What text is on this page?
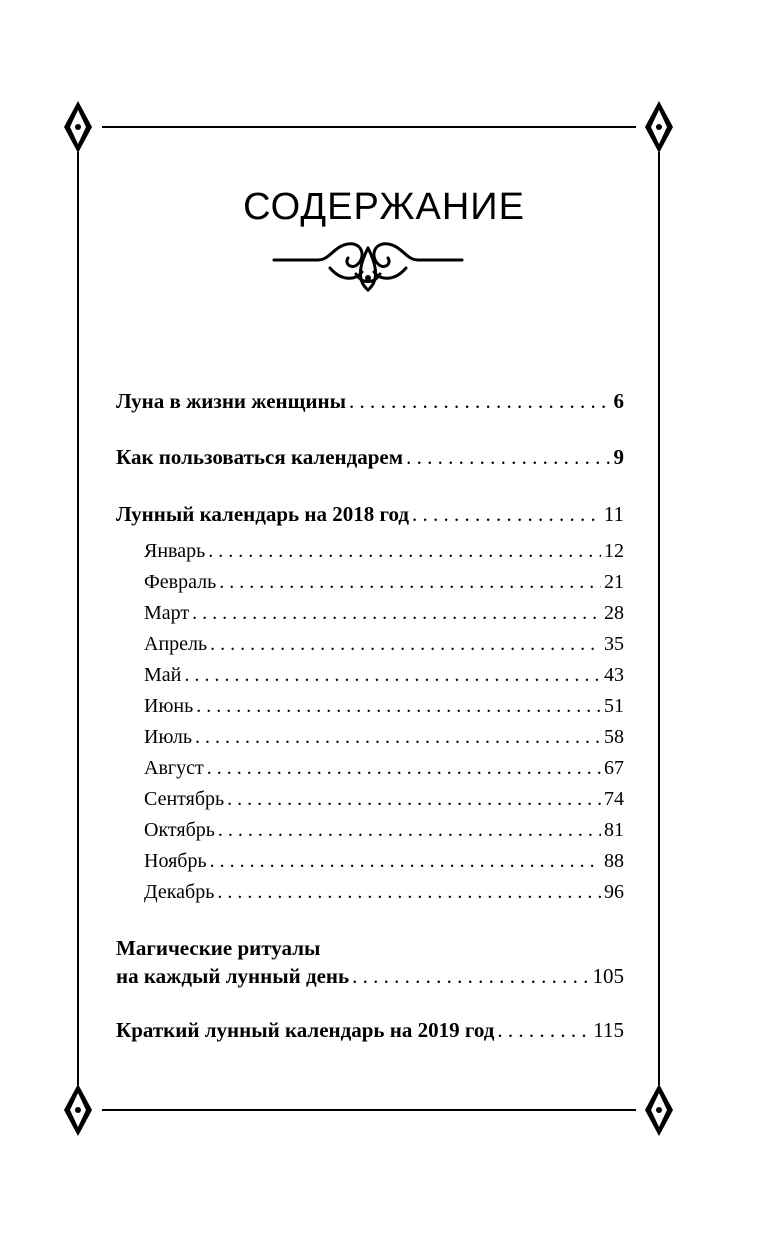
СОДЕРЖАНИЕ
Луна в жизни женщины . . .	6
Как пользоваться календарем . . .	9
Лунный календарь на 2018 год . . .	11
Январь . . .	12
Февраль . . .	21
Март . . .	28
Апрель . . .	35
Май . . .	43
Июнь . . .	51
Июль . . .	58
Август . . .	67
Сентябрь . . .	74
Октябрь . . .	81
Ноябрь . . .	88
Декабрь . . .	96
Магические ритуалы
на каждый лунный день . . .	105
Краткий лунный календарь на 2019 год . . .	115
